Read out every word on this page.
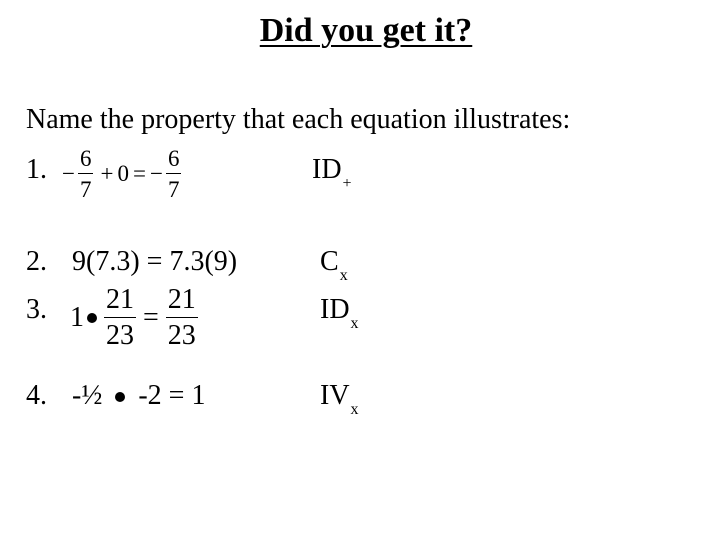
Did you get it?
Name the property that each equation illustrates:
1. − $\frac{6}{7} + 0$ = − $\frac{6}{7}$	$ID_+$
2. 9(7.3) = 7.3(9)	$C_x$
3. $1 \frac{21}{23} = \frac{21}{23}$	$ID_x$
4. -½ -2 = 1	$IV_x$
